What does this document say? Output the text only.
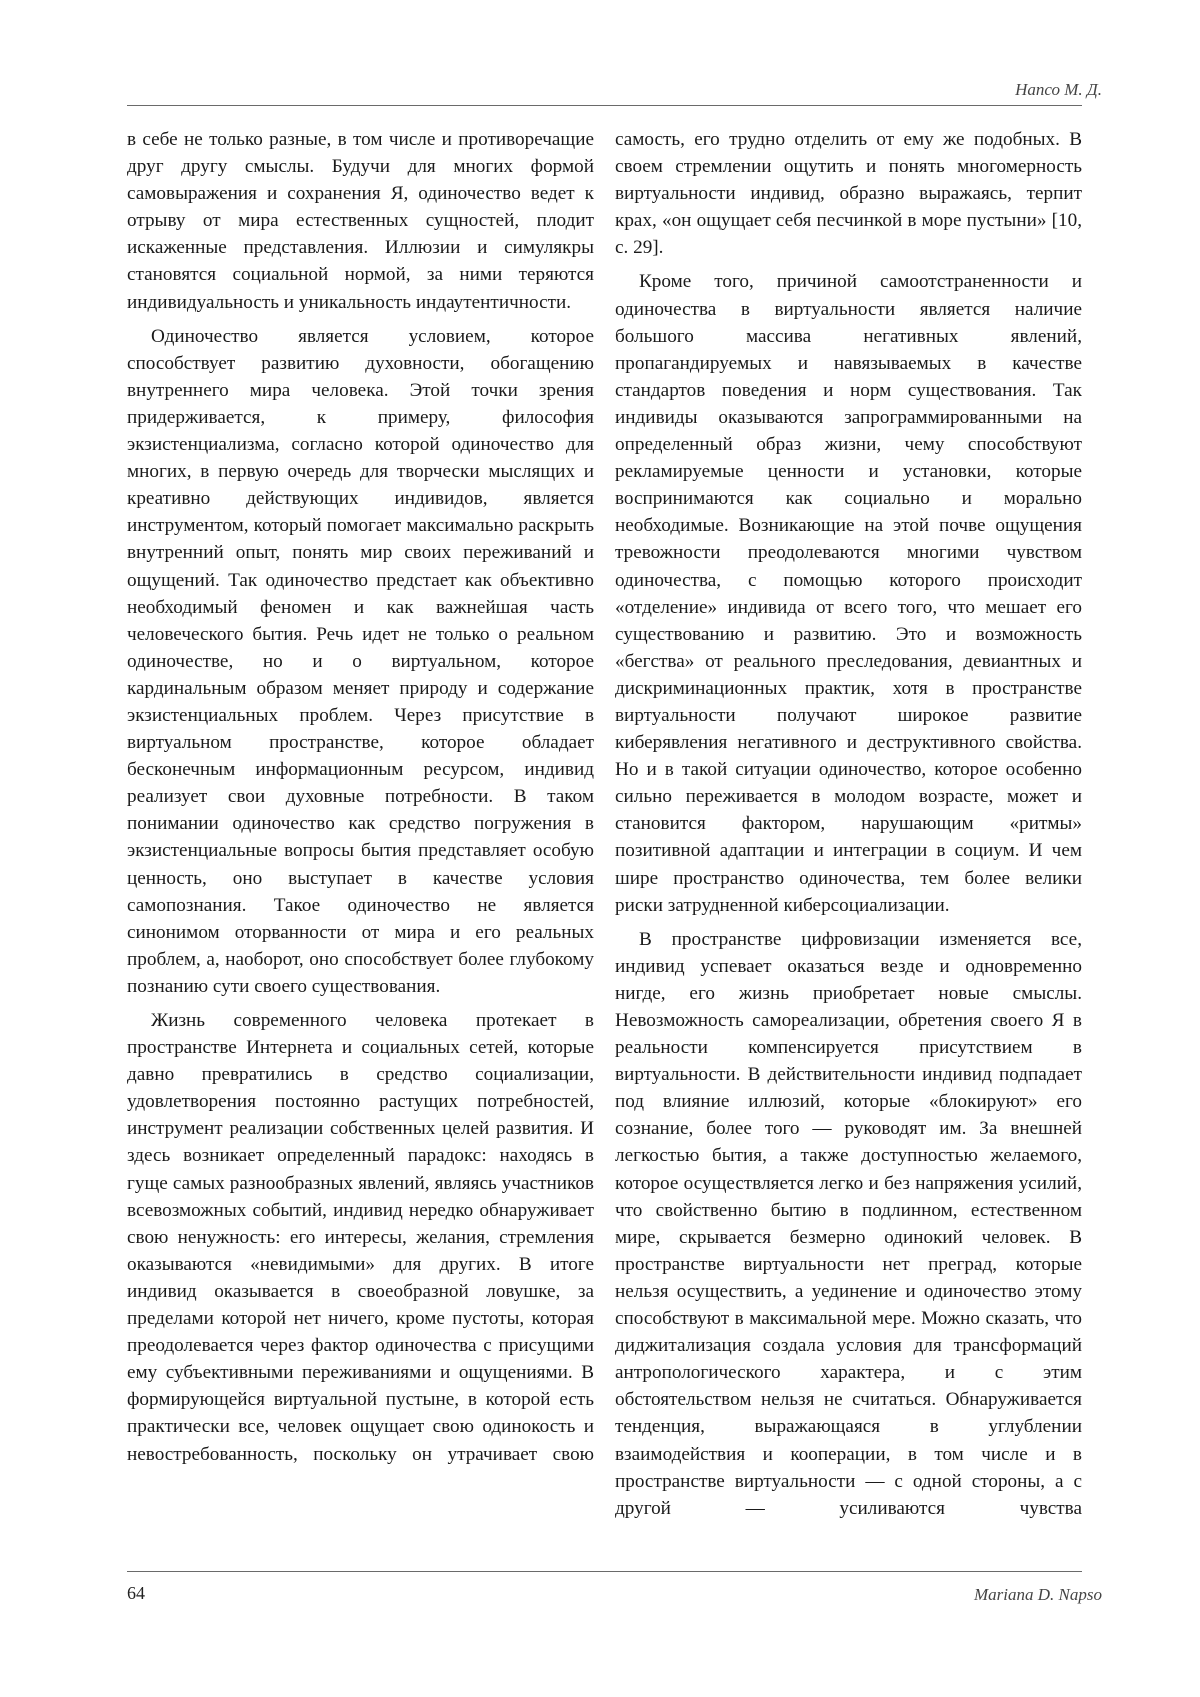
Напсо М. Д.

в себе не только разные, в том числе и противоречащие друг другу смыслы. Будучи для многих формой самовыражения и сохранения Я, одиночество ведет к отрыву от мира естественных сущностей, плодит искаженные представления. Иллюзии и симулякры становятся социальной нормой, за ними теряются индивидуальность и уникальность индаутентичности.

Одиночество является условием, которое способствует развитию духовности, обогащению внутреннего мира человека. Этой точки зрения придерживается, к примеру, философия экзистенциализма, согласно которой одиночество для многих, в первую очередь для творчески мыслящих и креативно действующих индивидов, является инструментом, который помогает максимально раскрыть внутренний опыт, понять мир своих переживаний и ощущений. Так одиночество предстает как объективно необходимый феномен и как важнейшая часть человеческого бытия. Речь идет не только о реальном одиночестве, но и о виртуальном, которое кардинальным образом меняет природу и содержание экзистенциальных проблем. Через присутствие в виртуальном пространстве, которое обладает бесконечным информационным ресурсом, индивид реализует свои духовные потребности. В таком понимании одиночество как средство погружения в экзистенциальные вопросы бытия представляет особую ценность, оно выступает в качестве условия самопознания. Такое одиночество не является синонимом оторванности от мира и его реальных проблем, а, наоборот, оно способствует более глубокому познанию сути своего существования.

Жизнь современного человека протекает в пространстве Интернета и социальных сетей, которые давно превратились в средство социализации, удовлетворения постоянно растущих потребностей, инструмент реализации собственных целей развития. И здесь возникает определенный парадокс: находясь в гуще самых разнообразных явлений, являясь участников всевозможных событий, индивид нередко обнаруживает свою ненужность: его интересы, желания, стремления оказываются «невидимыми» для других. В итоге индивид оказывается в своеобразной ловушке, за пределами которой нет ничего, кроме пустоты, которая преодолевается через фактор одиночества с присущими ему субъективными переживаниями и ощущениями. В формирующейся виртуальной пустыне, в которой есть практически все, человек ощущает свою одинокость и невостребованность, поскольку он утрачивает свою

самость, его трудно отделить от ему же подобных. В своем стремлении ощутить и понять многомерность виртуальности индивид, образно выражаясь, терпит крах, «он ощущает себя песчинкой в море пустыни» [10, с. 29].

Кроме того, причиной самоотстраненности и одиночества в виртуальности является наличие большого массива негативных явлений, пропагандируемых и навязываемых в качестве стандартов поведения и норм существования. Так индивиды оказываются запрограммированными на определенный образ жизни, чему способствуют рекламируемые ценности и установки, которые воспринимаются как социально и морально необходимые. Возникающие на этой почве ощущения тревожности преодолеваются многими чувством одиночества, с помощью которого происходит «отделение» индивида от всего того, что мешает его существованию и развитию. Это и возможность «бегства» от реального преследования, девиантных и дискриминационных практик, хотя в пространстве виртуальности получают широкое развитие киберявления негативного и деструктивного свойства. Но и в такой ситуации одиночество, которое особенно сильно переживается в молодом возрасте, может и становится фактором, нарушающим «ритмы» позитивной адаптации и интеграции в социум. И чем шире пространство одиночества, тем более велики риски затрудненной киберсоциализации.

В пространстве цифровизации изменяется все, индивид успевает оказаться везде и одновременно нигде, его жизнь приобретает новые смыслы. Невозможность самореализации, обретения своего Я в реальности компенсируется присутствием в виртуальности. В действительности индивид подпадает под влияние иллюзий, которые «блокируют» его сознание, более того — руководят им. За внешней легкостью бытия, а также доступностью желаемого, которое осуществляется легко и без напряжения усилий, что свойственно бытию в подлинном, естественном мире, скрывается безмерно одинокий человек. В пространстве виртуальности нет преград, которые нельзя осуществить, а уединение и одиночество этому способствуют в максимальной мере. Можно сказать, что диджитализация создала условия для трансформаций антропологического характера, и с этим обстоятельством нельзя не считаться. Обнаруживается тенденция, выражающаяся в углублении взаимодействия и кооперации, в том числе и в пространстве виртуальности — с одной стороны, а с другой — усиливаются чувства

64	Mariana D. Napso
